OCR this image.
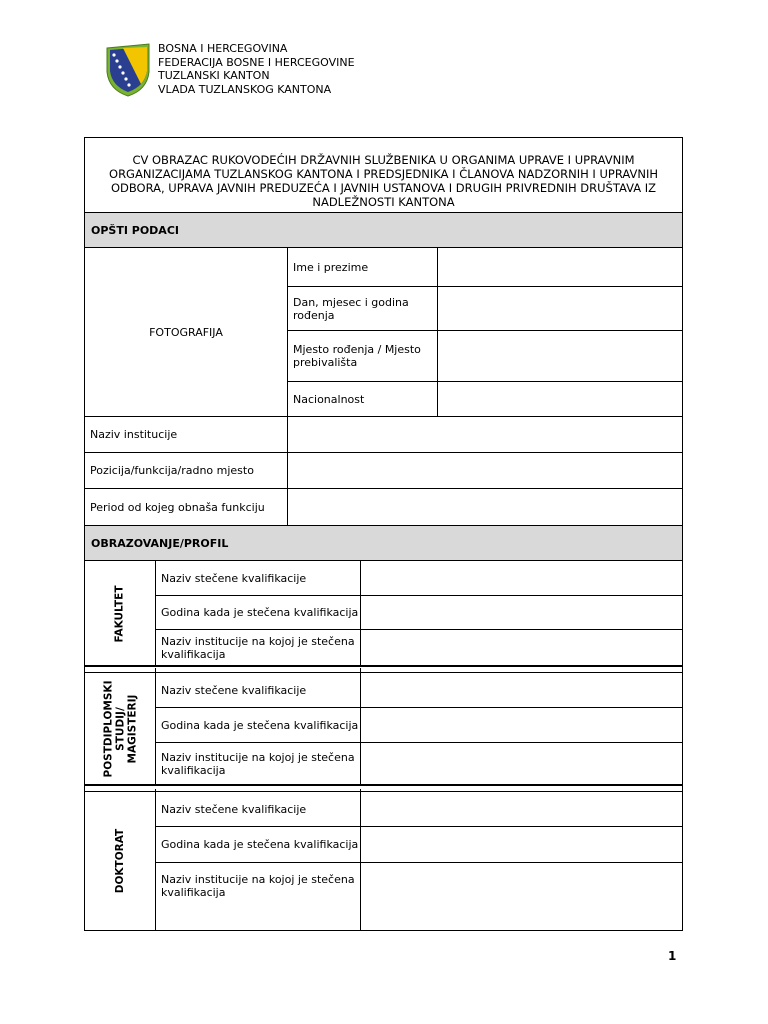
BOSNA I HERCEGOVINA
FEDERACIJA BOSNE I HERCEGOVINE
TUZLANSKI KANTON
VLADA TUZLANSKOG KANTONA
CV OBRAZAC RUKOVODEĆIH DRŽAVNIH SLUŽBENIKA U ORGANIMA UPRAVE I UPRAVNIM ORGANIZACIJAMA TUZLANSKOG KANTONA I PREDSJEDNIKA I ČLANOVA NADZORNIH I UPRAVNIH ODBORA, UPRAVA JAVNIH PREDUZEĆA I JAVNIH USTANOVA I DRUGIH PRIVREDNIH DRUŠTAVA IZ NADLEŽNOSTI KANTONA
OPŠTI PODACI
FOTOGRAFIJA
Ime i prezime
Dan, mjesec i godina rođenja
Mjesto rođenja / Mjesto prebivališta
Nacionalnost
Naziv institucije
Pozicija/funkcija/radno mjesto
Period od kojeg obnaša funkciju
OBRAZOVANJE/PROFIL
FAKULTET
Naziv stečene kvalifikacije
Godina kada je stečena kvalifikacija
Naziv institucije na kojoj je stečena kvalifikacija
POSTDIPLOMSKI STUDIJ/ MAGISTERIJ
Naziv stečene kvalifikacije
Godina kada je stečena kvalifikacija
Naziv institucije na kojoj je stečena kvalifikacija
DOKTORAT
Naziv stečene kvalifikacije
Godina kada je stečena kvalifikacija
Naziv institucije na kojoj je stečena kvalifikacija
1
